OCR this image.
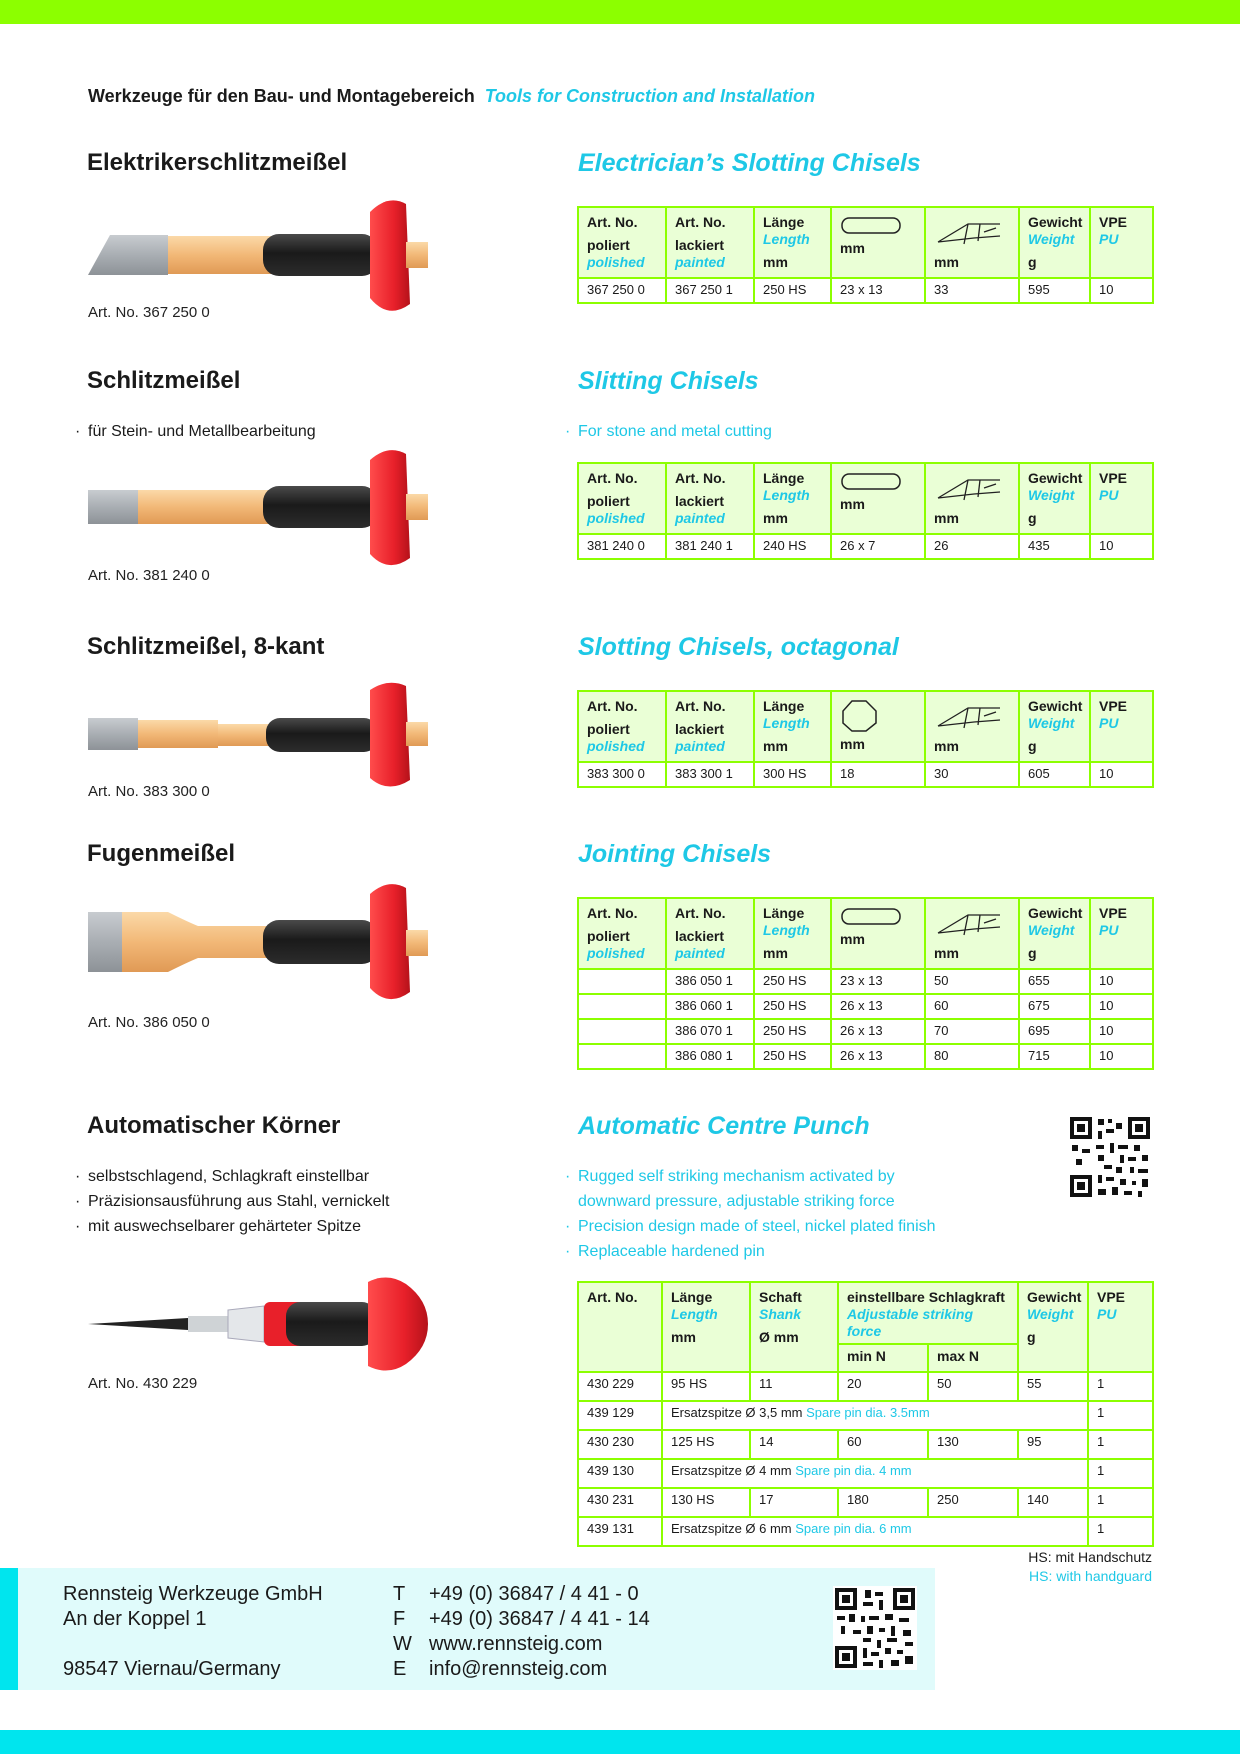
Werkzeuge für den Bau- und Montagebereich Tools for Construction and Installation
Elektrikerschlitzmeißel	Electrician’s Slotting Chisels
Art. No. 367 250 0
Art. No.
poliert
polished	Art. No.
lackiert
painted	Länge
Length
mm	mm	mm	Gewicht
Weight
g	VPE
PU
367 250 0	367 250 1	250 HS	23 x 13	33	595	10
Schlitzmeißel	Slitting Chisels
· für Stein- und Metallbearbeitung	· For stone and metal cutting
Art. No. 381 240 0
Art. No.
poliert
polished	Art. No.
lackiert
painted	Länge
Length
mm	mm	mm	Gewicht
Weight
g	VPE
PU
381 240 0	381 240 1	240 HS	26 x 7	26	435	10
Schlitzmeißel, 8-kant	Slotting Chisels, octagonal
Art. No. 383 300 0
Art. No.
poliert
polished	Art. No.
lackiert
painted	Länge
Length
mm	mm	mm	Gewicht
Weight
g	VPE
PU
383 300 0	383 300 1	300 HS	18	30	605	10
Fugenmeißel	Jointing Chisels
Art. No. 386 050 0
Art. No.
poliert
polished	Art. No.
lackiert
painted	Länge
Length
mm	mm	mm	Gewicht
Weight
g	VPE
PU
	386 050 1	250 HS	23 x 13	50	655	10
	386 060 1	250 HS	26 x 13	60	675	10
	386 070 1	250 HS	26 x 13	70	695	10
	386 080 1	250 HS	26 x 13	80	715	10
Automatischer Körner	Automatic Centre Punch
· selbstschlagend, Schlagkraft einstellbar
· Präzisionsausführung aus Stahl, vernickelt
· mit auswechselbarer gehärteter Spitze
· Rugged self striking mechanism activated by
downward pressure, adjustable striking force
· Precision design made of steel, nickel plated finish
· Replaceable hardened pin
Art. No. 430 229
Art. No.	Länge
Length
mm	Schaft
Shank
Ø mm	einstellbare Schlagkraft
Adjustable striking force		Gewicht
Weight
g	VPE
PU
			min N	max N		
430 229	95 HS	11	20	50	55	1
439 129	Ersatzspitze Ø 3,5 mm Spare pin dia. 3.5mm					1
430 230	125 HS	14	60	130	95	1
439 130	Ersatzspitze Ø 4 mm Spare pin dia. 4 mm					1
430 231	130 HS	17	180	250	140	1
439 131	Ersatzspitze Ø 6 mm Spare pin dia. 6 mm					1
HS: mit Handschutz
HS: with handguard
Rennsteig Werkzeuge GmbH
An der Koppel 1

98547 Viernau/Germany
T +49 (0) 36847 / 4 41 - 0
F +49 (0) 36847 / 4 41 - 14
W www.rennsteig.com
E info@rennsteig.com
